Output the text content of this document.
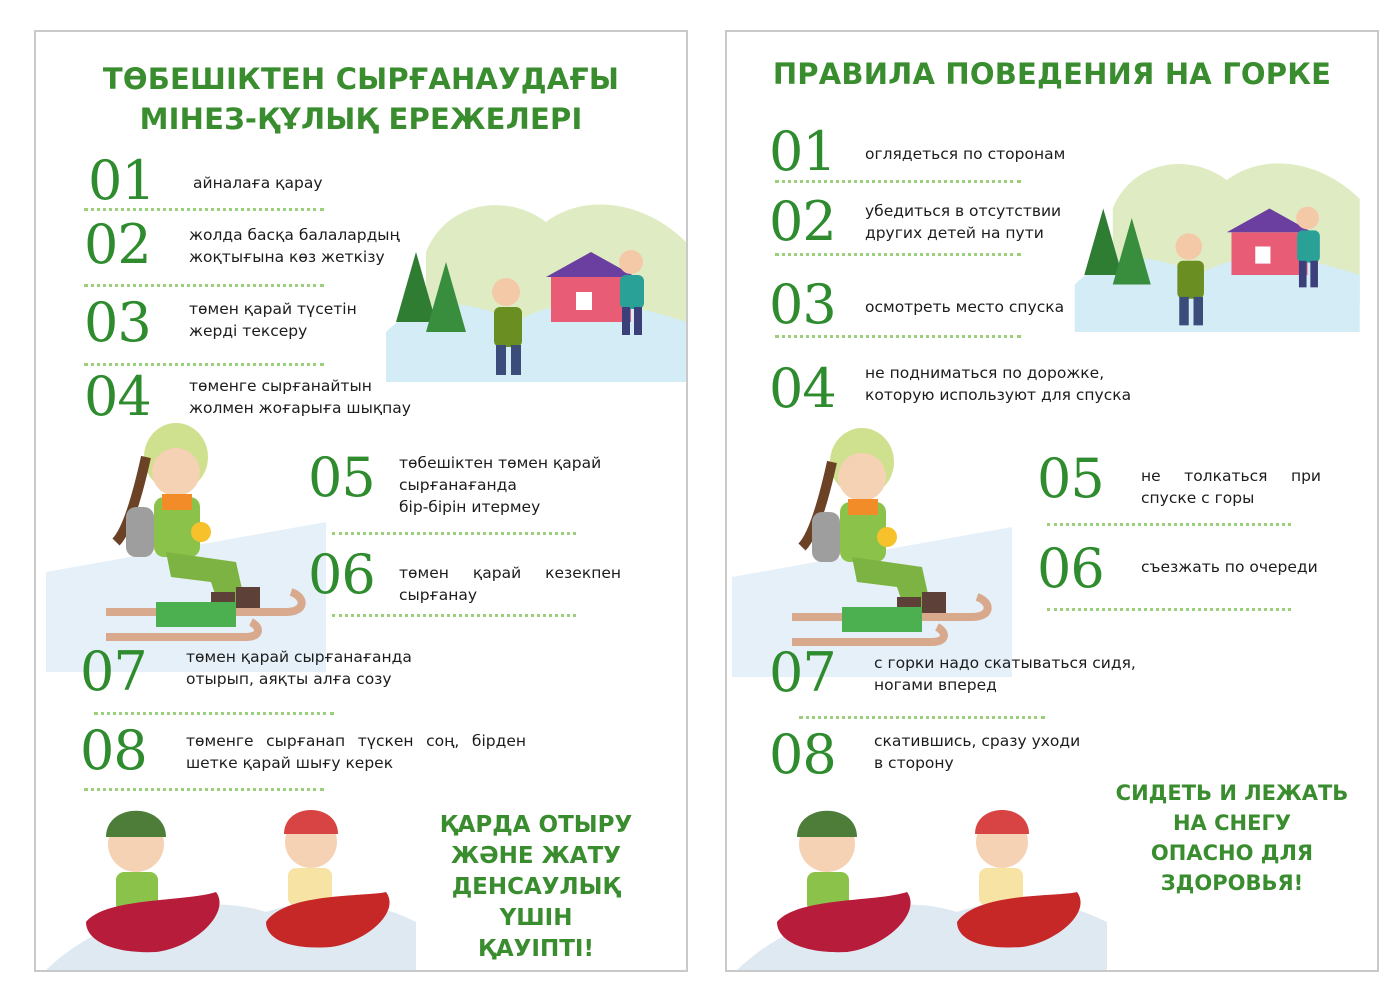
ТӨБЕШІКТЕН СЫРҒАНАУДАҒЫ
МІНЕЗ-ҚҰЛЫҚ ЕРЕЖЕЛЕРІ
01 айналаға қарау
02 жолда басқа балалардың
жоқтығына көз жеткізу
03 төмен қарай түсетін
жерді тексеру
04 төменге сырғанайтын
жолмен жоғарыға шықпау
05 төбешіктен төмен қарай
сырғанағанда
бір-бірін итермеу
06 төмен қарай кезекпен
сырғанау
07	төмен қарай сырғанағанда
отырып, аяқты алға созу
08	төменге сырғанап түскен соң, бірден
шетке қарай шығу керек
ҚАРДА ОТЫРУ
ЖӘНЕ ЖАТУ
ДЕНСАУЛЫҚ ҮШІН
ҚАУІПТІ!
ПРАВИЛА ПОВЕДЕНИЯ НА ГОРКЕ
01 оглядеться по сторонам
02 убедиться в отсутствии
других детей на пути
03 осмотреть место спуска
04 не подниматься по дорожке,
которую используют для спуска
05 не толкаться при
спуске с горы
06 съезжать по очереди
07 с горки надо скатываться сидя,
ногами вперед
08 скатившись, сразу уходи
в сторону
СИДЕТЬ И ЛЕЖАТЬ
НА СНЕГУ
ОПАСНО ДЛЯ
ЗДОРОВЬЯ!
